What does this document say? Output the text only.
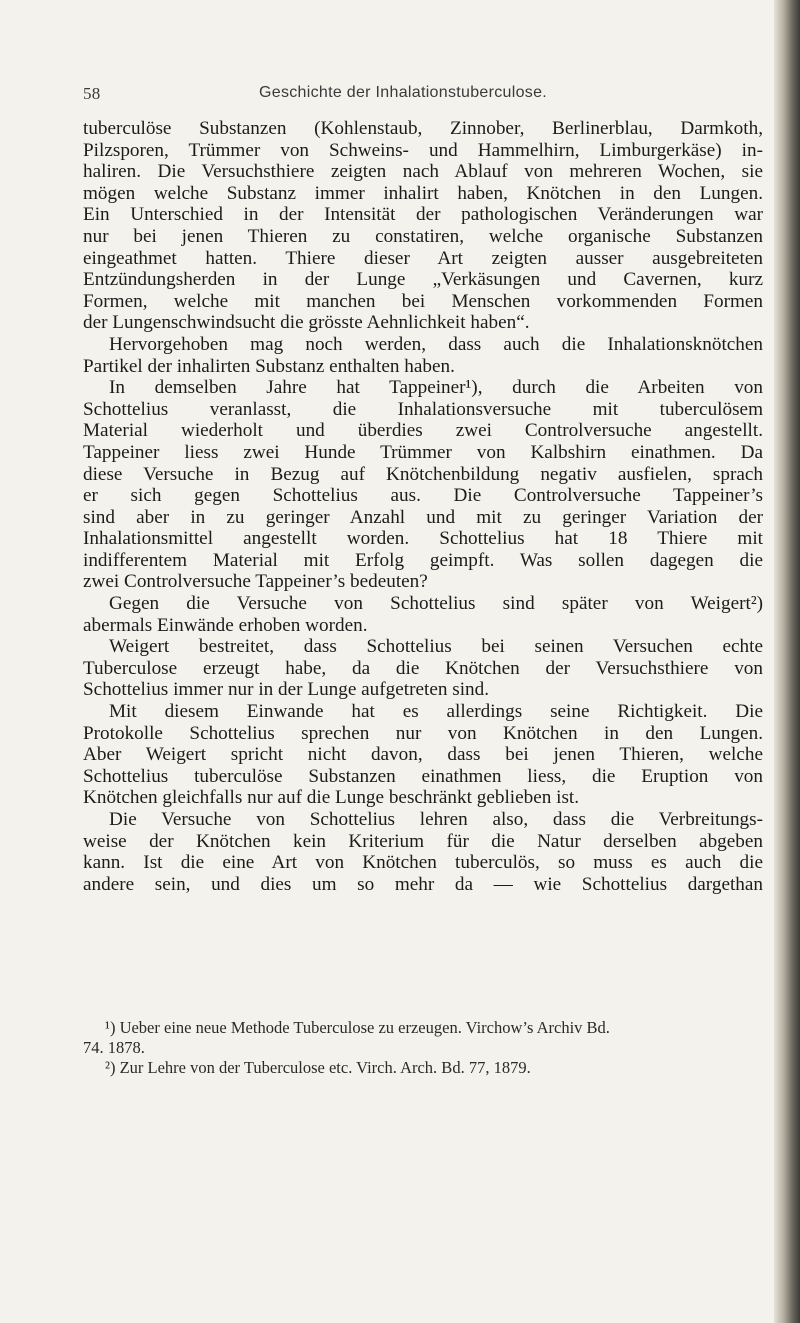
58	Geschichte der Inhalationstuberculose.
tuberculöse Substanzen (Kohlenstaub, Zinnober, Berlinerblau, Darmkoth,
Pilzsporen, Trümmer von Schweins- und Hammelhirn, Limburgerkäse) in-
haliren. Die Versuchsthiere zeigten nach Ablauf von mehreren Wochen, sie
mögen welche Substanz immer inhalirt haben, Knötchen in den Lungen.
Ein Unterschied in der Intensität der pathologischen Veränderungen war
nur bei jenen Thieren zu constatiren, welche organische Substanzen
eingeathmet hatten. Thiere dieser Art zeigten ausser ausgebreiteten
Entzündungsherden in der Lunge „Verkäsungen und Cavernen, kurz
Formen, welche mit manchen bei Menschen vorkommenden Formen
der Lungenschwindsucht die grösste Aehnlichkeit haben“.
Hervorgehoben mag noch werden, dass auch die Inhalationsknötchen
Partikel der inhalirten Substanz enthalten haben.
In demselben Jahre hat Tappeiner¹), durch die Arbeiten von
Schottelius veranlasst, die Inhalationsversuche mit tuberculösem
Material wiederholt und überdies zwei Controlversuche angestellt.
Tappeiner liess zwei Hunde Trümmer von Kalbshirn einathmen. Da
diese Versuche in Bezug auf Knötchenbildung negativ ausfielen, sprach
er sich gegen Schottelius aus. Die Controlversuche Tappeiner’s
sind aber in zu geringer Anzahl und mit zu geringer Variation der
Inhalationsmittel angestellt worden. Schottelius hat 18 Thiere mit
indifferentem Material mit Erfolg geimpft. Was sollen dagegen die
zwei Controlversuche Tappeiner’s bedeuten?
Gegen die Versuche von Schottelius sind später von Weigert²)
abermals Einwände erhoben worden.
Weigert bestreitet, dass Schottelius bei seinen Versuchen echte
Tuberculose erzeugt habe, da die Knötchen der Versuchsthiere von
Schottelius immer nur in der Lunge aufgetreten sind.
Mit diesem Einwande hat es allerdings seine Richtigkeit. Die
Protokolle Schottelius sprechen nur von Knötchen in den Lungen.
Aber Weigert spricht nicht davon, dass bei jenen Thieren, welche
Schottelius tuberculöse Substanzen einathmen liess, die Eruption von
Knötchen gleichfalls nur auf die Lunge beschränkt geblieben ist.
Die Versuche von Schottelius lehren also, dass die Verbreitungs-
weise der Knötchen kein Kriterium für die Natur derselben abgeben
kann. Ist die eine Art von Knötchen tuberculös, so muss es auch die
andere sein, und dies um so mehr da — wie Schottelius dargethan
¹) Ueber eine neue Methode Tuberculose zu erzeugen. Virchow’s Archiv Bd.
74. 1878.
²) Zur Lehre von der Tuberculose etc. Virch. Arch. Bd. 77, 1879.
